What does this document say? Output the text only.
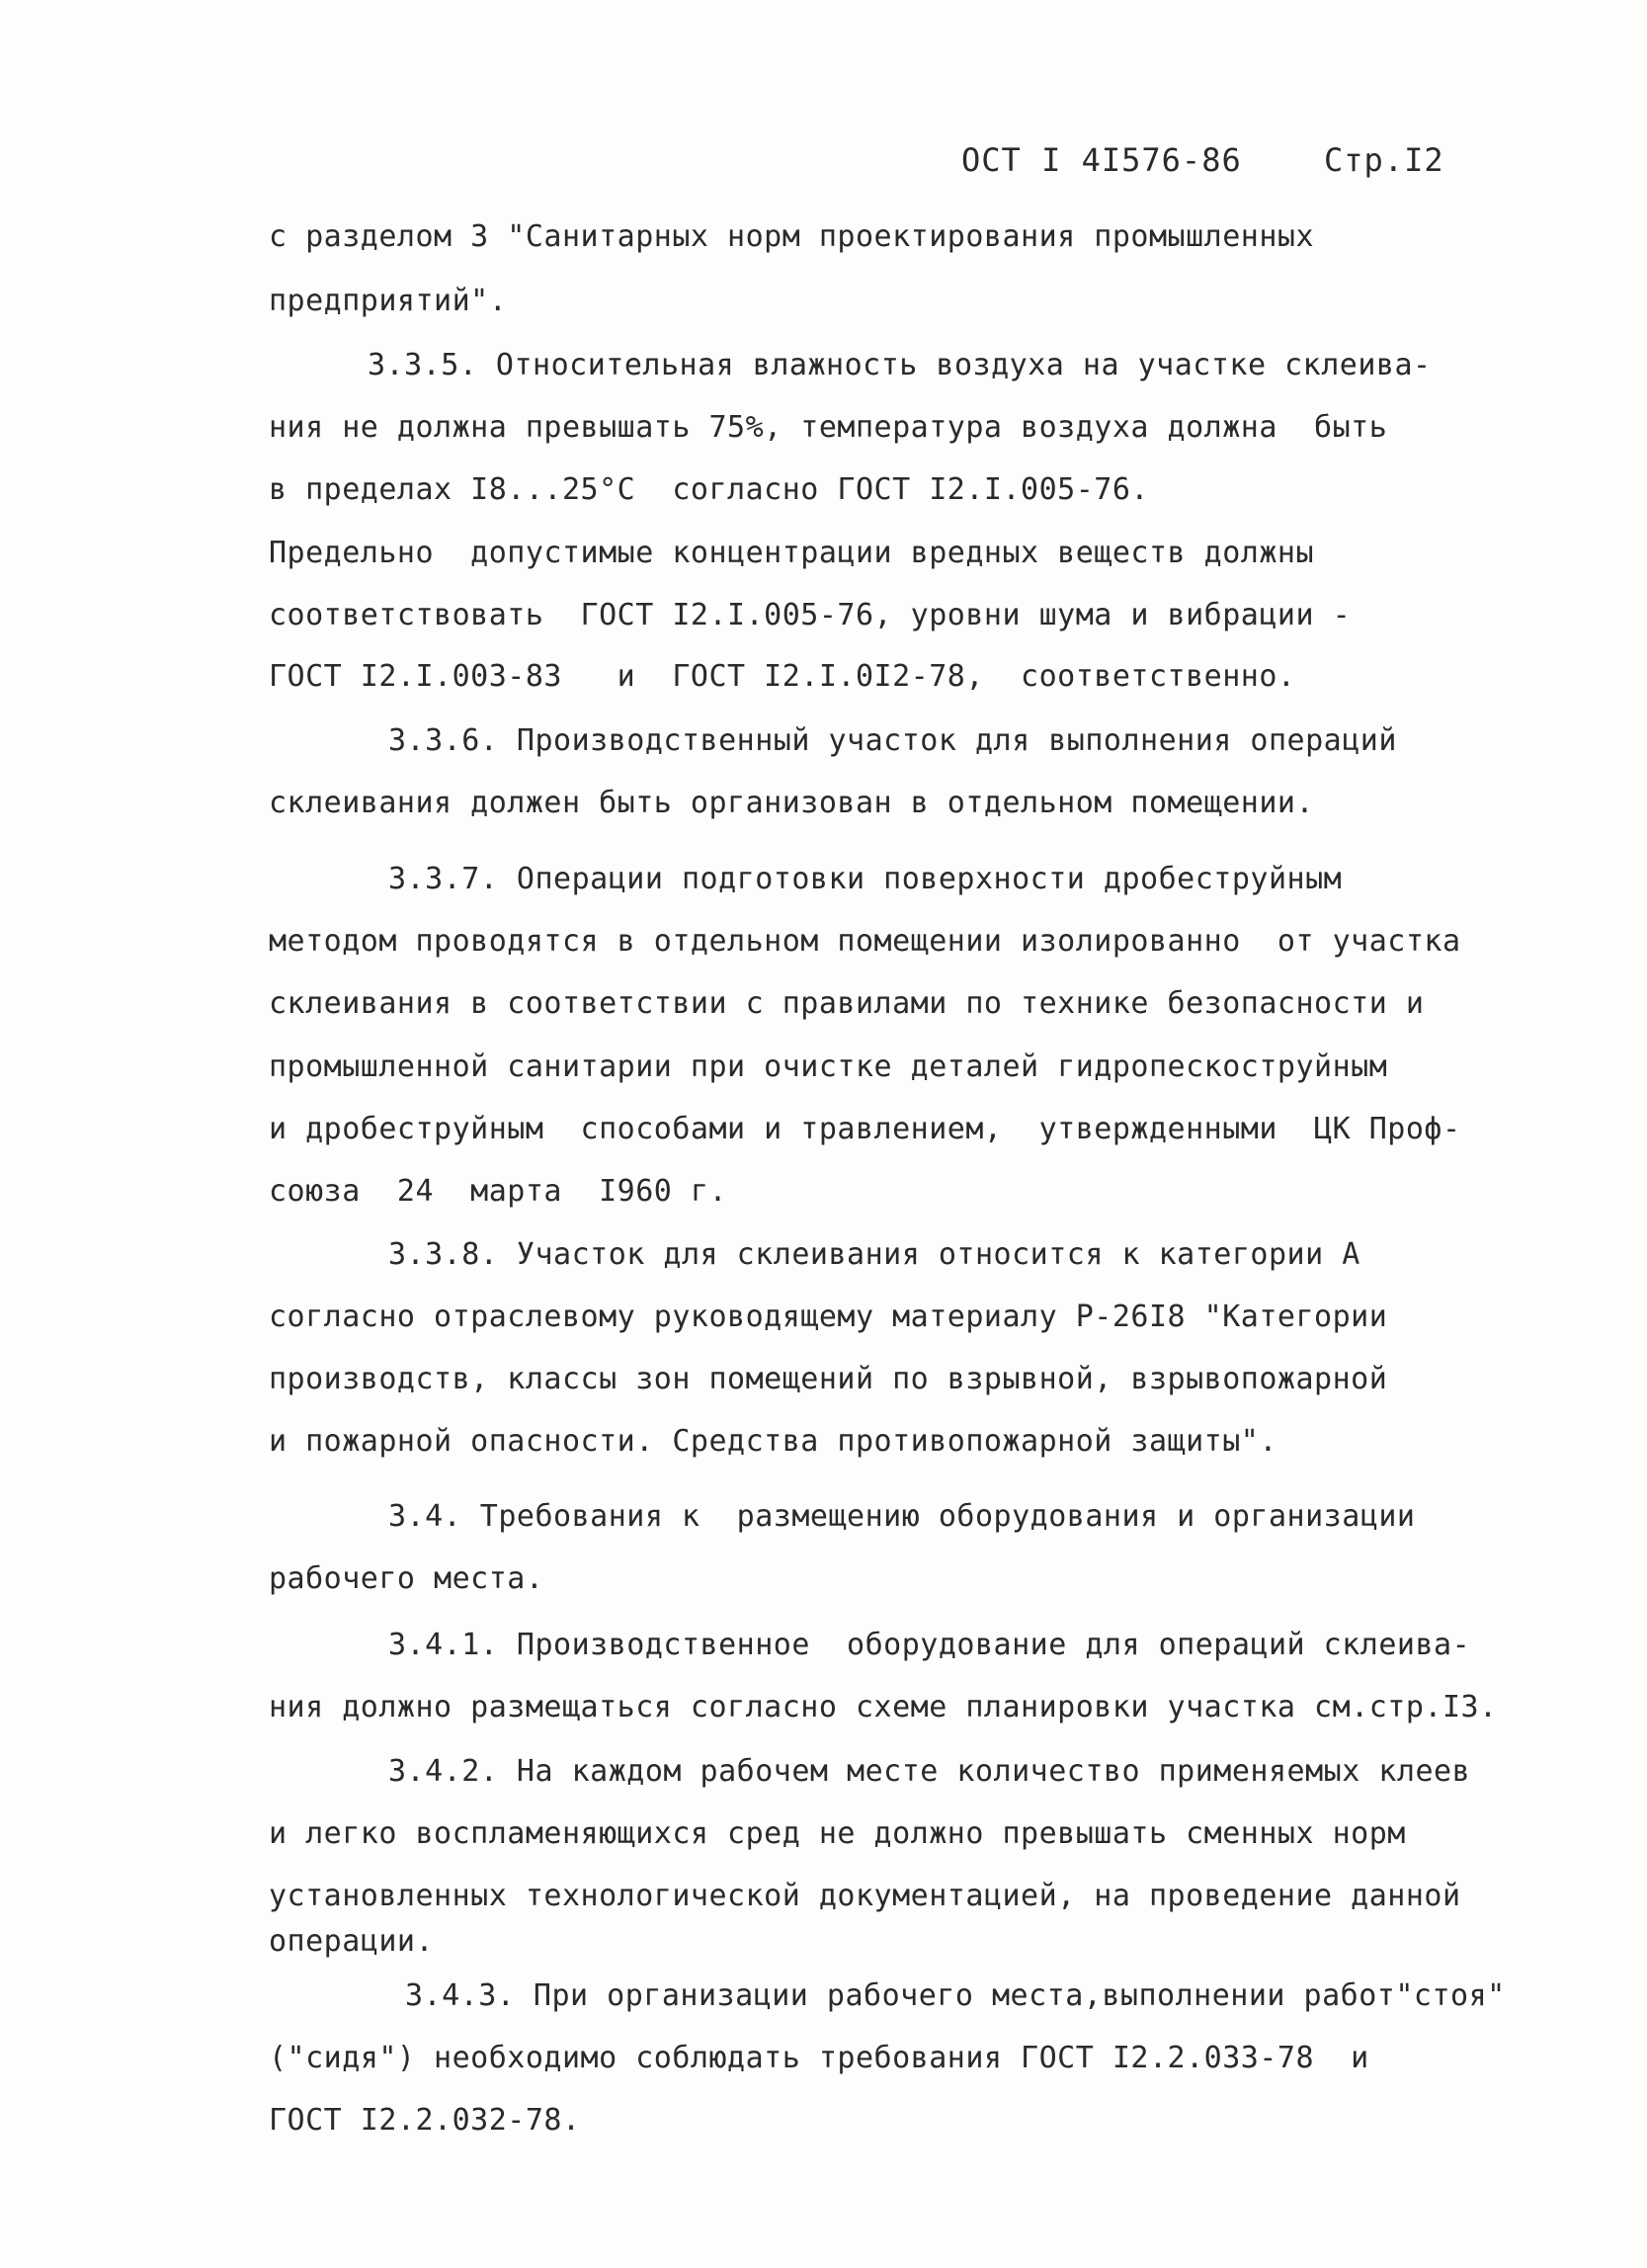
ОСТ I 4I576-86	Стр.I2
с разделом 3 "Санитарных норм проектирования промышленных
предприятий".
3.3.5. Относительная влажность воздуха на участке склеива-
ния не должна превышать 75%, температура воздуха должна  быть
в пределах I8...25°С  согласно ГОСТ I2.I.005-76.
Предельно  допустимые концентрации вредных веществ должны
соответствовать  ГОСТ I2.I.005-76, уровни шума и вибрации -
ГОСТ I2.I.003-83   и  ГОСТ I2.I.0I2-78,  соответственно.
3.3.6. Производственный участок для выполнения операций
склеивания должен быть организован в отдельном помещении.
3.3.7. Операции подготовки поверхности дробеструйным
методом проводятся в отдельном помещении изолированно  от участка
склеивания в соответствии с правилами по технике безопасности и
промышленной санитарии при очистке деталей гидропескоструйным
и дробеструйным  способами и травлением,  утвержденными  ЦК Проф-
союза  24  марта  I960 г.
3.3.8. Участок для склеивания относится к категории А
согласно отраслевому руководящему материалу Р-26I8 "Категории
производств, классы зон помещений по взрывной, взрывопожарной
и пожарной опасности. Средства противопожарной защиты".
3.4. Требования к  размещению оборудования и организации
рабочего места.
3.4.1. Производственное  оборудование для операций склеива-
ния должно размещаться согласно схеме планировки участка см.стр.I3.
3.4.2. На каждом рабочем месте количество применяемых клеев
и легко воспламеняющихся сред не должно превышать сменных норм
установленных технологической документацией, на проведение данной
операции.
3.4.3. При организации рабочего места,выполнении работ"стоя"
("сидя") необходимо соблюдать требования ГОСТ I2.2.033-78  и
ГОСТ I2.2.032-78.
